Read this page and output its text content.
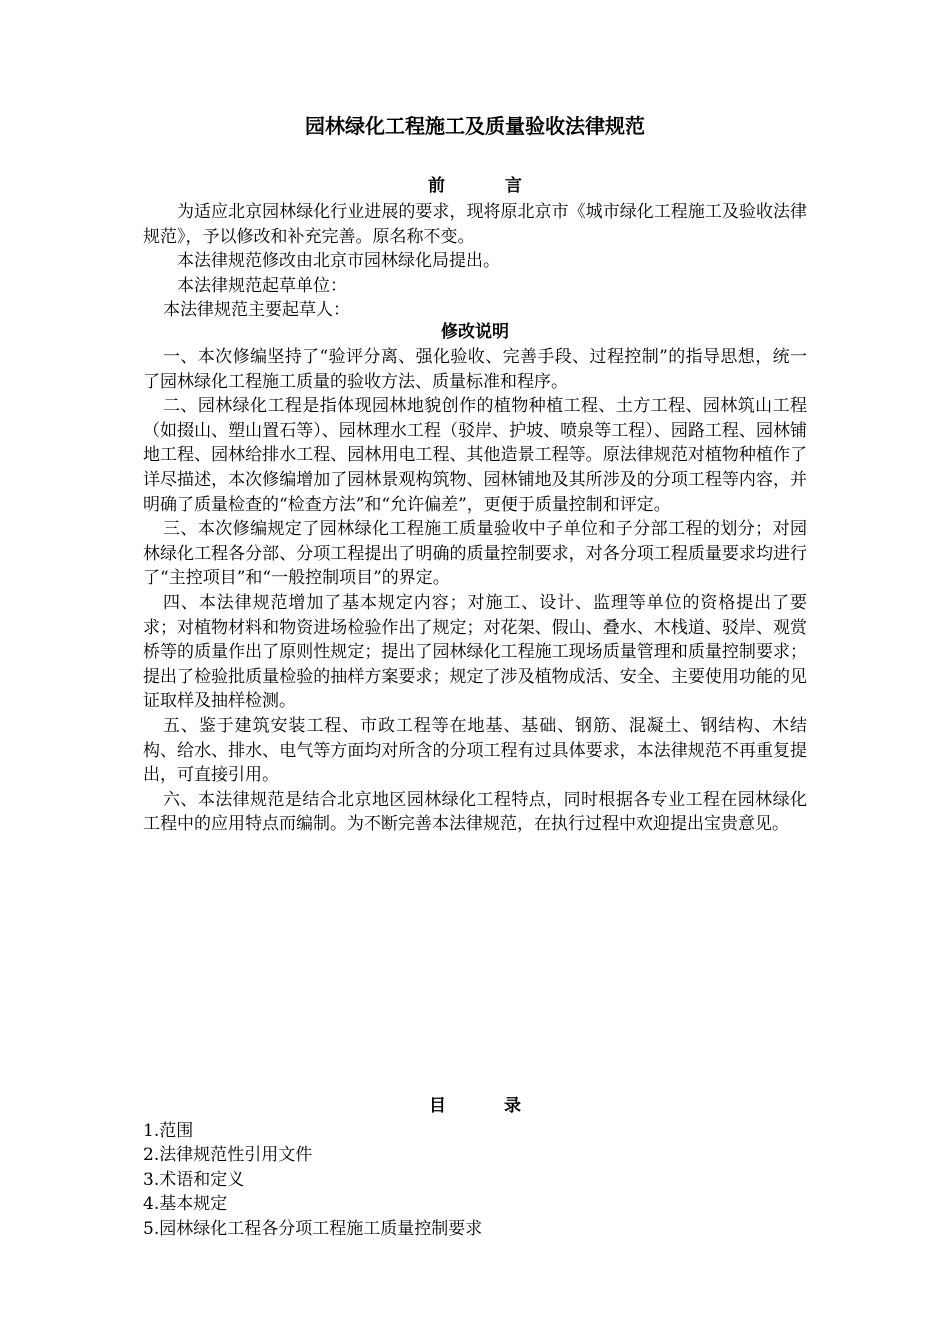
园林绿化工程施工及质量验收法律规范
前言

为适应北京园林绿化行业进展的要求，现将原北京市《城市绿化工程施工及验收法律规范》，予以修改和补充完善。原名称不变。

本法律规范修改由北京市园林绿化局提出。

本法律规范起草单位：

本法律规范主要起草人：

修改说明

一、本次修编坚持了“验评分离、强化验收、完善手段、过程控制”的指导思想，统一了园林绿化工程施工质量的验收方法、质量标准和程序。

二、园林绿化工程是指体现园林地貌创作的植物种植工程、土方工程、园林筑山工程（如掇山、塑山置石等）、园林理水工程（驳岸、护坡、喷泉等工程）、园路工程、园林铺地工程、园林给排水工程、园林用电工程、其他造景工程等。原法律规范对植物种植作了详尽描述，本次修编增加了园林景观构筑物、园林铺地及其所涉及的分项工程等内容，并明确了质量检查的“检查方法”和“允许偏差”，更便于质量控制和评定。

三、本次修编规定了园林绿化工程施工质量验收中子单位和子分部工程的划分；对园林绿化工程各分部、分项工程提出了明确的质量控制要求，对各分项工程质量要求均进行了“主控项目”和“一般控制项目”的界定。

四、本法律规范增加了基本规定内容；对施工、设计、监理等单位的资格提出了要求；对植物材料和物资进场检验作出了规定；对花架、假山、叠水、木栈道、驳岸、观赏桥等的质量作出了原则性规定；提出了园林绿化工程施工现场质量管理和质量控制要求；提出了检验批质量检验的抽样方案要求；规定了涉及植物成活、安全、主要使用功能的见证取样及抽样检测。

五、鉴于建筑安装工程、市政工程等在地基、基础、钢筋、混凝土、钢结构、木结构、给水、排水、电气等方面均对所含的分项工程有过具体要求，本法律规范不再重复提出，可直接引用。

六、本法律规范是结合北京地区园林绿化工程特点，同时根据各专业工程在园林绿化工程中的应用特点而编制。为不断完善本法律规范，在执行过程中欢迎提出宝贵意见。

目录
1.范围
2.法律规范性引用文件
3.术语和定义
4.基本规定
5.园林绿化工程各分项工程施工质量控制要求
